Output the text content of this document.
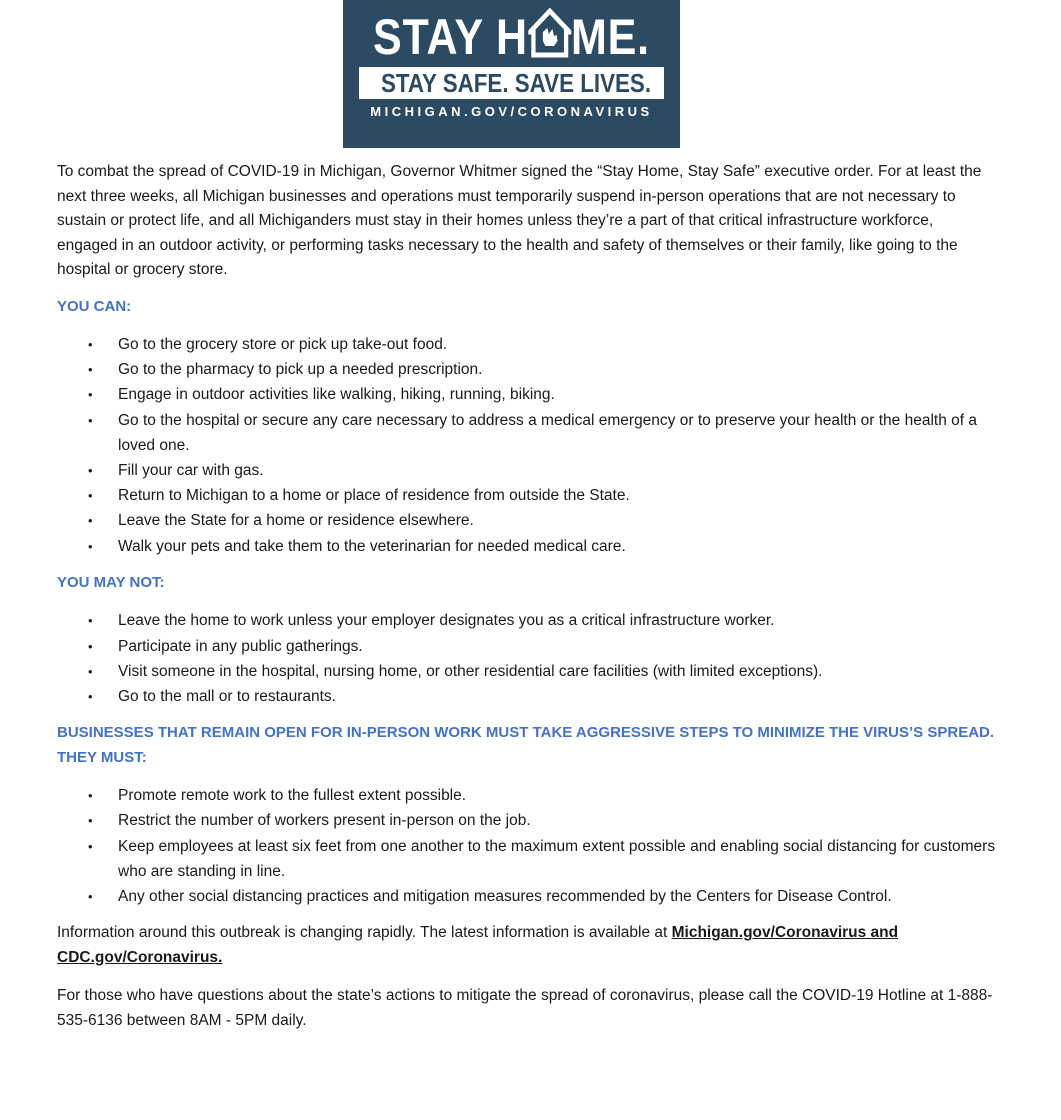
STAY H ME.
STAY SAFE. SAVE LIVES.
MICHIGAN.GOV/CORONAVIRUS

To combat the spread of COVID-19 in Michigan, Governor Whitmer signed the “Stay Home, Stay Safe” executive order. For at least the next three weeks, all Michigan businesses and operations must temporarily suspend in-person operations that are not necessary to sustain or protect life, and all Michiganders must stay in their homes unless they’re a part of that critical infrastructure workforce, engaged in an outdoor activity, or performing tasks necessary to the health and safety of themselves or their family, like going to the hospital or grocery store.

YOU CAN:

• Go to the grocery store or pick up take-out food.
• Go to the pharmacy to pick up a needed prescription.
• Engage in outdoor activities like walking, hiking, running, biking.
• Go to the hospital or secure any care necessary to address a medical emergency or to preserve your health or the health of a loved one.
• Fill your car with gas.
• Return to Michigan to a home or place of residence from outside the State.
• Leave the State for a home or residence elsewhere.
• Walk your pets and take them to the veterinarian for needed medical care.

YOU MAY NOT:

• Leave the home to work unless your employer designates you as a critical infrastructure worker.
• Participate in any public gatherings.
• Visit someone in the hospital, nursing home, or other residential care facilities (with limited exceptions).
• Go to the mall or to restaurants.

BUSINESSES THAT REMAIN OPEN FOR IN-PERSON WORK MUST TAKE AGGRESSIVE STEPS TO MINIMIZE THE VIRUS’S SPREAD. THEY MUST:

• Promote remote work to the fullest extent possible.
• Restrict the number of workers present in-person on the job.
• Keep employees at least six feet from one another to the maximum extent possible and enabling social distancing for customers who are standing in line.
• Any other social distancing practices and mitigation measures recommended by the Centers for Disease Control.

Information around this outbreak is changing rapidly. The latest information is available at Michigan.gov/Coronavirus and CDC.gov/Coronavirus.

For those who have questions about the state’s actions to mitigate the spread of coronavirus, please call the COVID-19 Hotline at 1-888-535-6136 between 8AM - 5PM daily.
